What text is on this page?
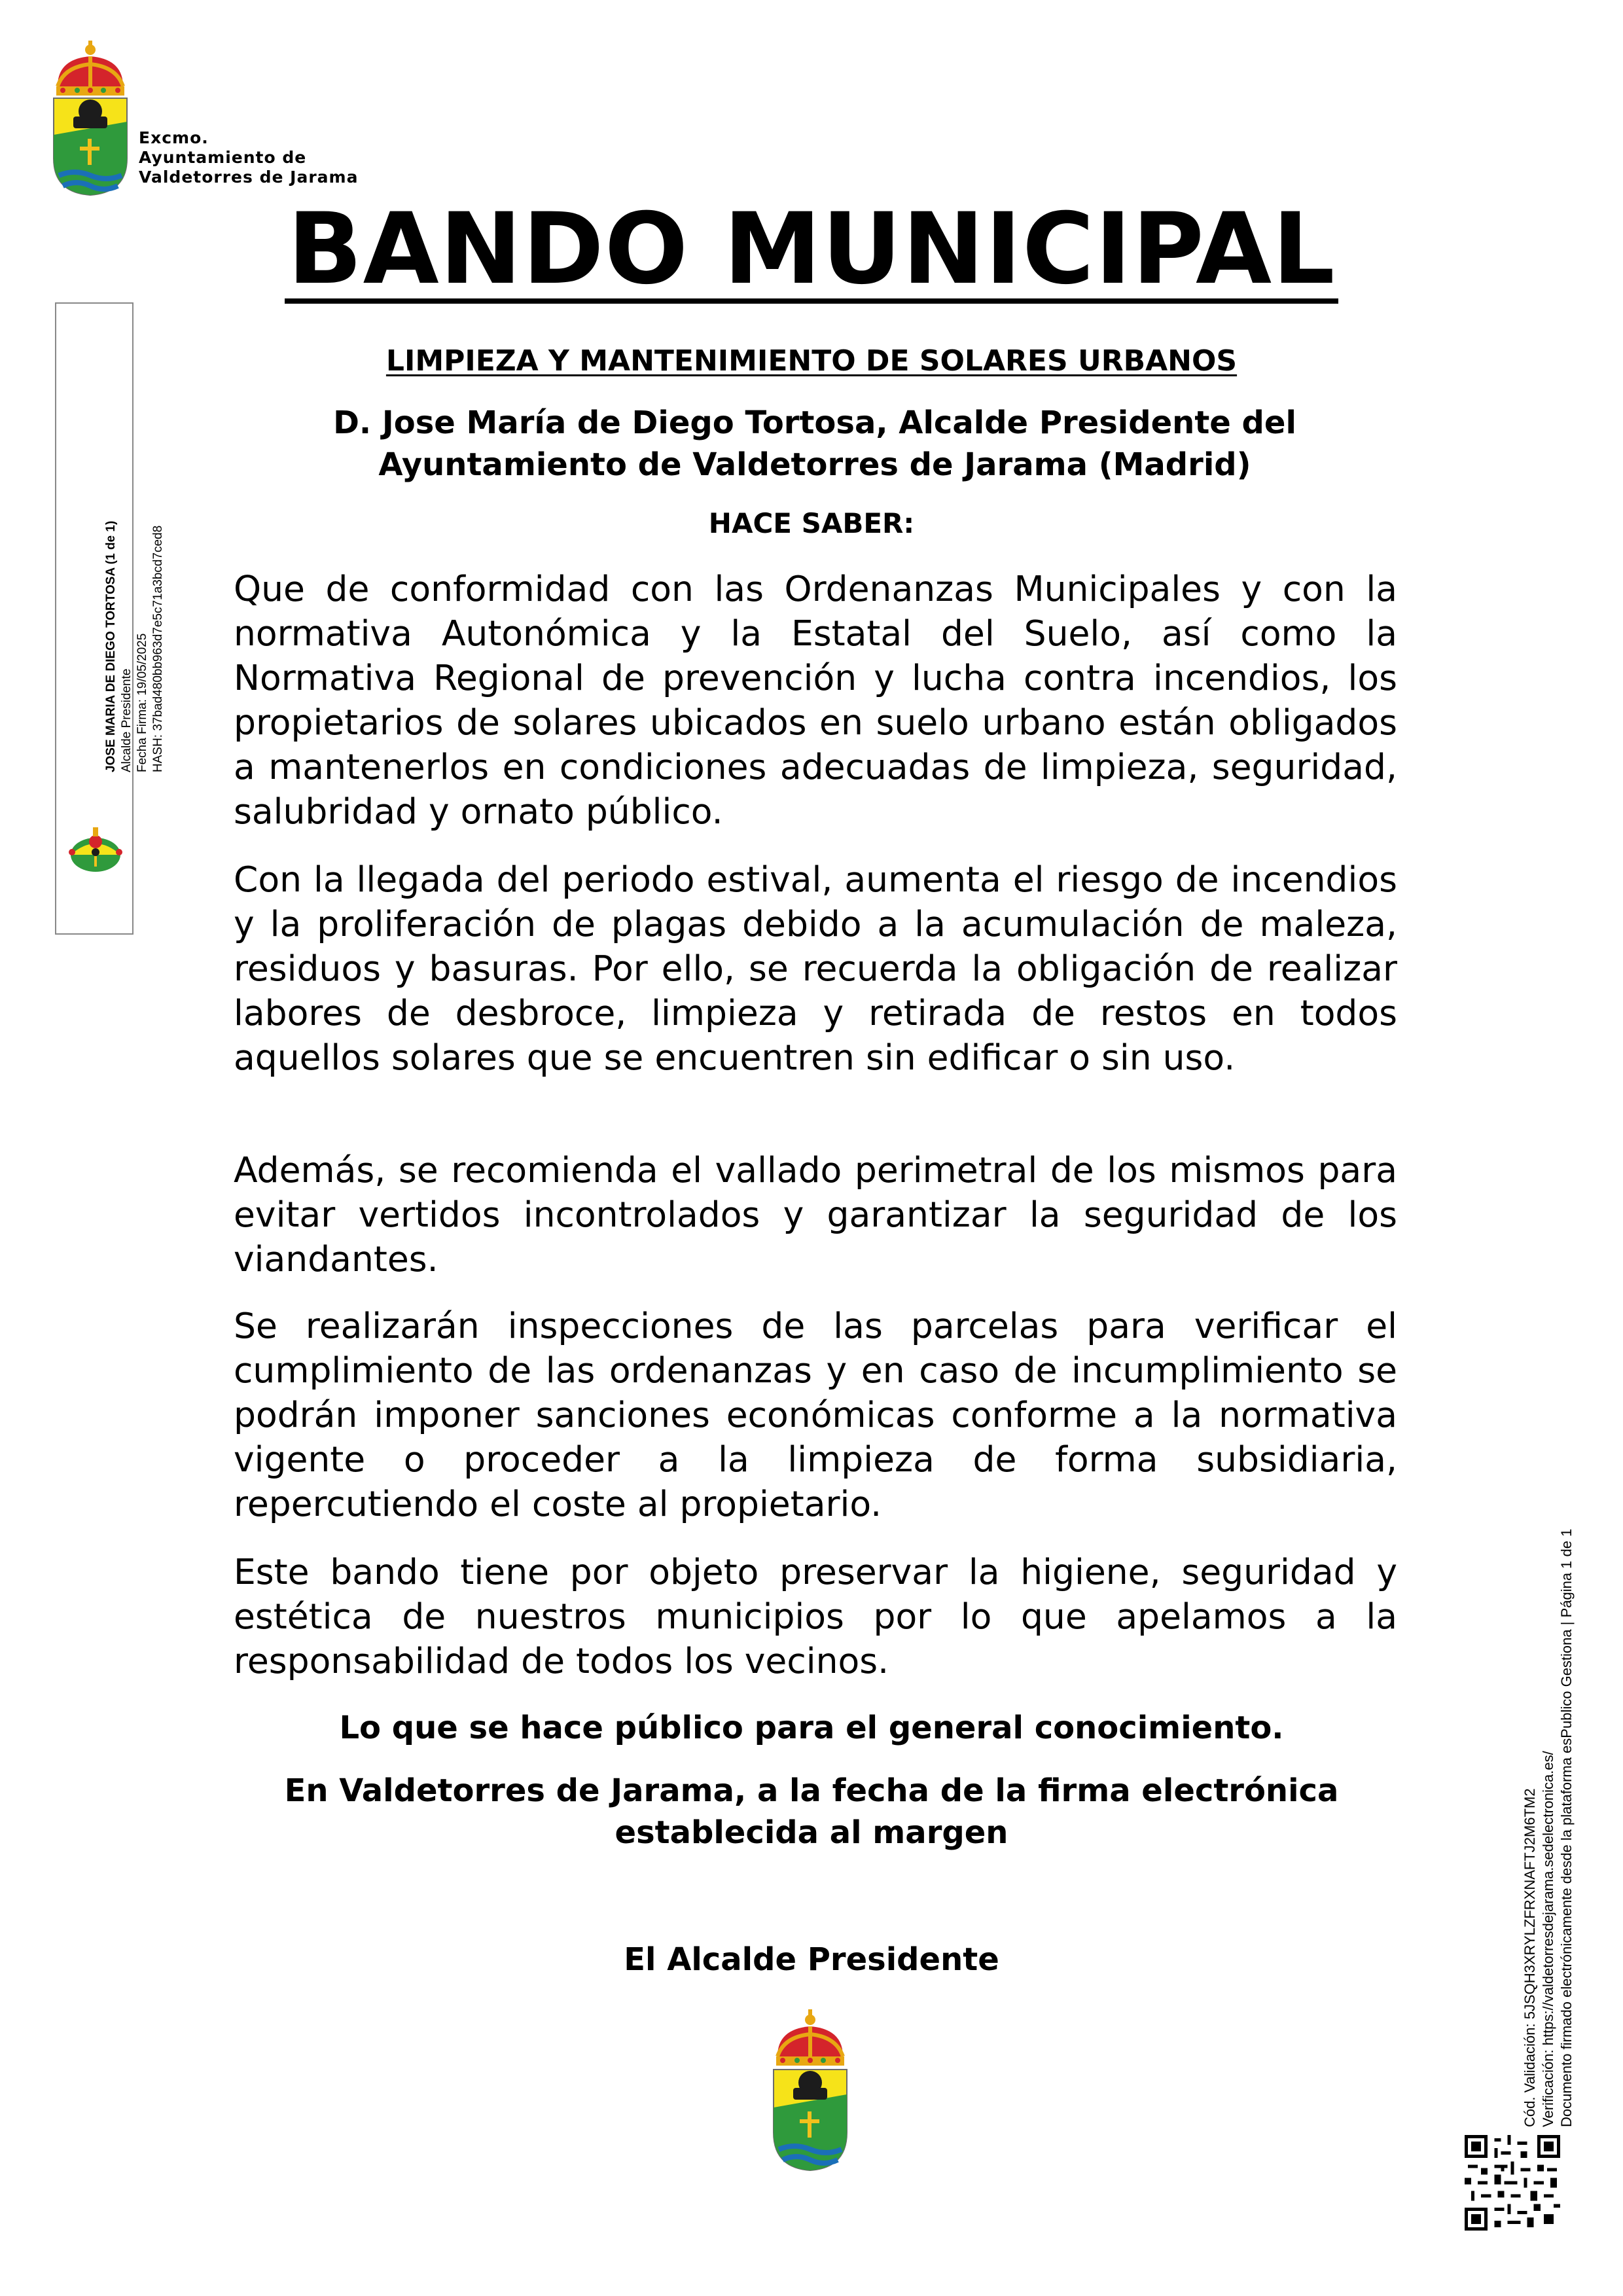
Excmo.
Ayuntamiento de
Valdetorres de Jarama
BANDO MUNICIPAL
JOSE MARIA DE DIEGO TORTOSA (1 de 1) Alcalde Presidente Fecha Firma: 19/05/2025 HASH: 37bad480bb963d7e5c71a3bcd7ced8
LIMPIEZA Y MANTENIMIENTO DE SOLARES URBANOS
D. Jose María de Diego Tortosa, Alcalde Presidente del
Ayuntamiento de Valdetorres de Jarama (Madrid)
HACE SABER:
Que de conformidad con las Ordenanzas Municipales y con la normativa Autonómica y la Estatal del Suelo, así como la Normativa Regional de prevención y lucha contra incendios, los propietarios de solares ubicados en suelo urbano están obligados a mantenerlos en condiciones adecuadas de limpieza, seguridad, salubridad y ornato público.
Con la llegada del periodo estival, aumenta el riesgo de incendios y la proliferación de plagas debido a la acumulación de maleza, residuos y basuras. Por ello, se recuerda la obligación de realizar labores de desbroce, limpieza y retirada de restos en todos aquellos solares que se encuentren sin edificar o sin uso.
Además, se recomienda el vallado perimetral de los mismos para evitar vertidos incontrolados y garantizar la seguridad de los viandantes.
Se realizarán inspecciones de las parcelas para verificar el cumplimiento de las ordenanzas y en caso de incumplimiento se podrán imponer sanciones económicas conforme a la normativa vigente o proceder a la limpieza de forma subsidiaria, repercutiendo el coste al propietario.
Este bando tiene por objeto preservar la higiene, seguridad y estética de nuestros municipios por lo que apelamos a la responsabilidad de todos los vecinos.
Lo que se hace público para el general conocimiento.
En Valdetorres de Jarama, a la fecha de la firma electrónica
establecida al margen
El Alcalde Presidente	Cód. Validación: 5JSQH3XRYLZFRXNAFTJ2M6TM2 Verificación: https://valdetorresdejarama.sedelectronica.es/ Documento firmado electrónicamente desde la plataforma esPublico Gestiona | Página 1 de 1
